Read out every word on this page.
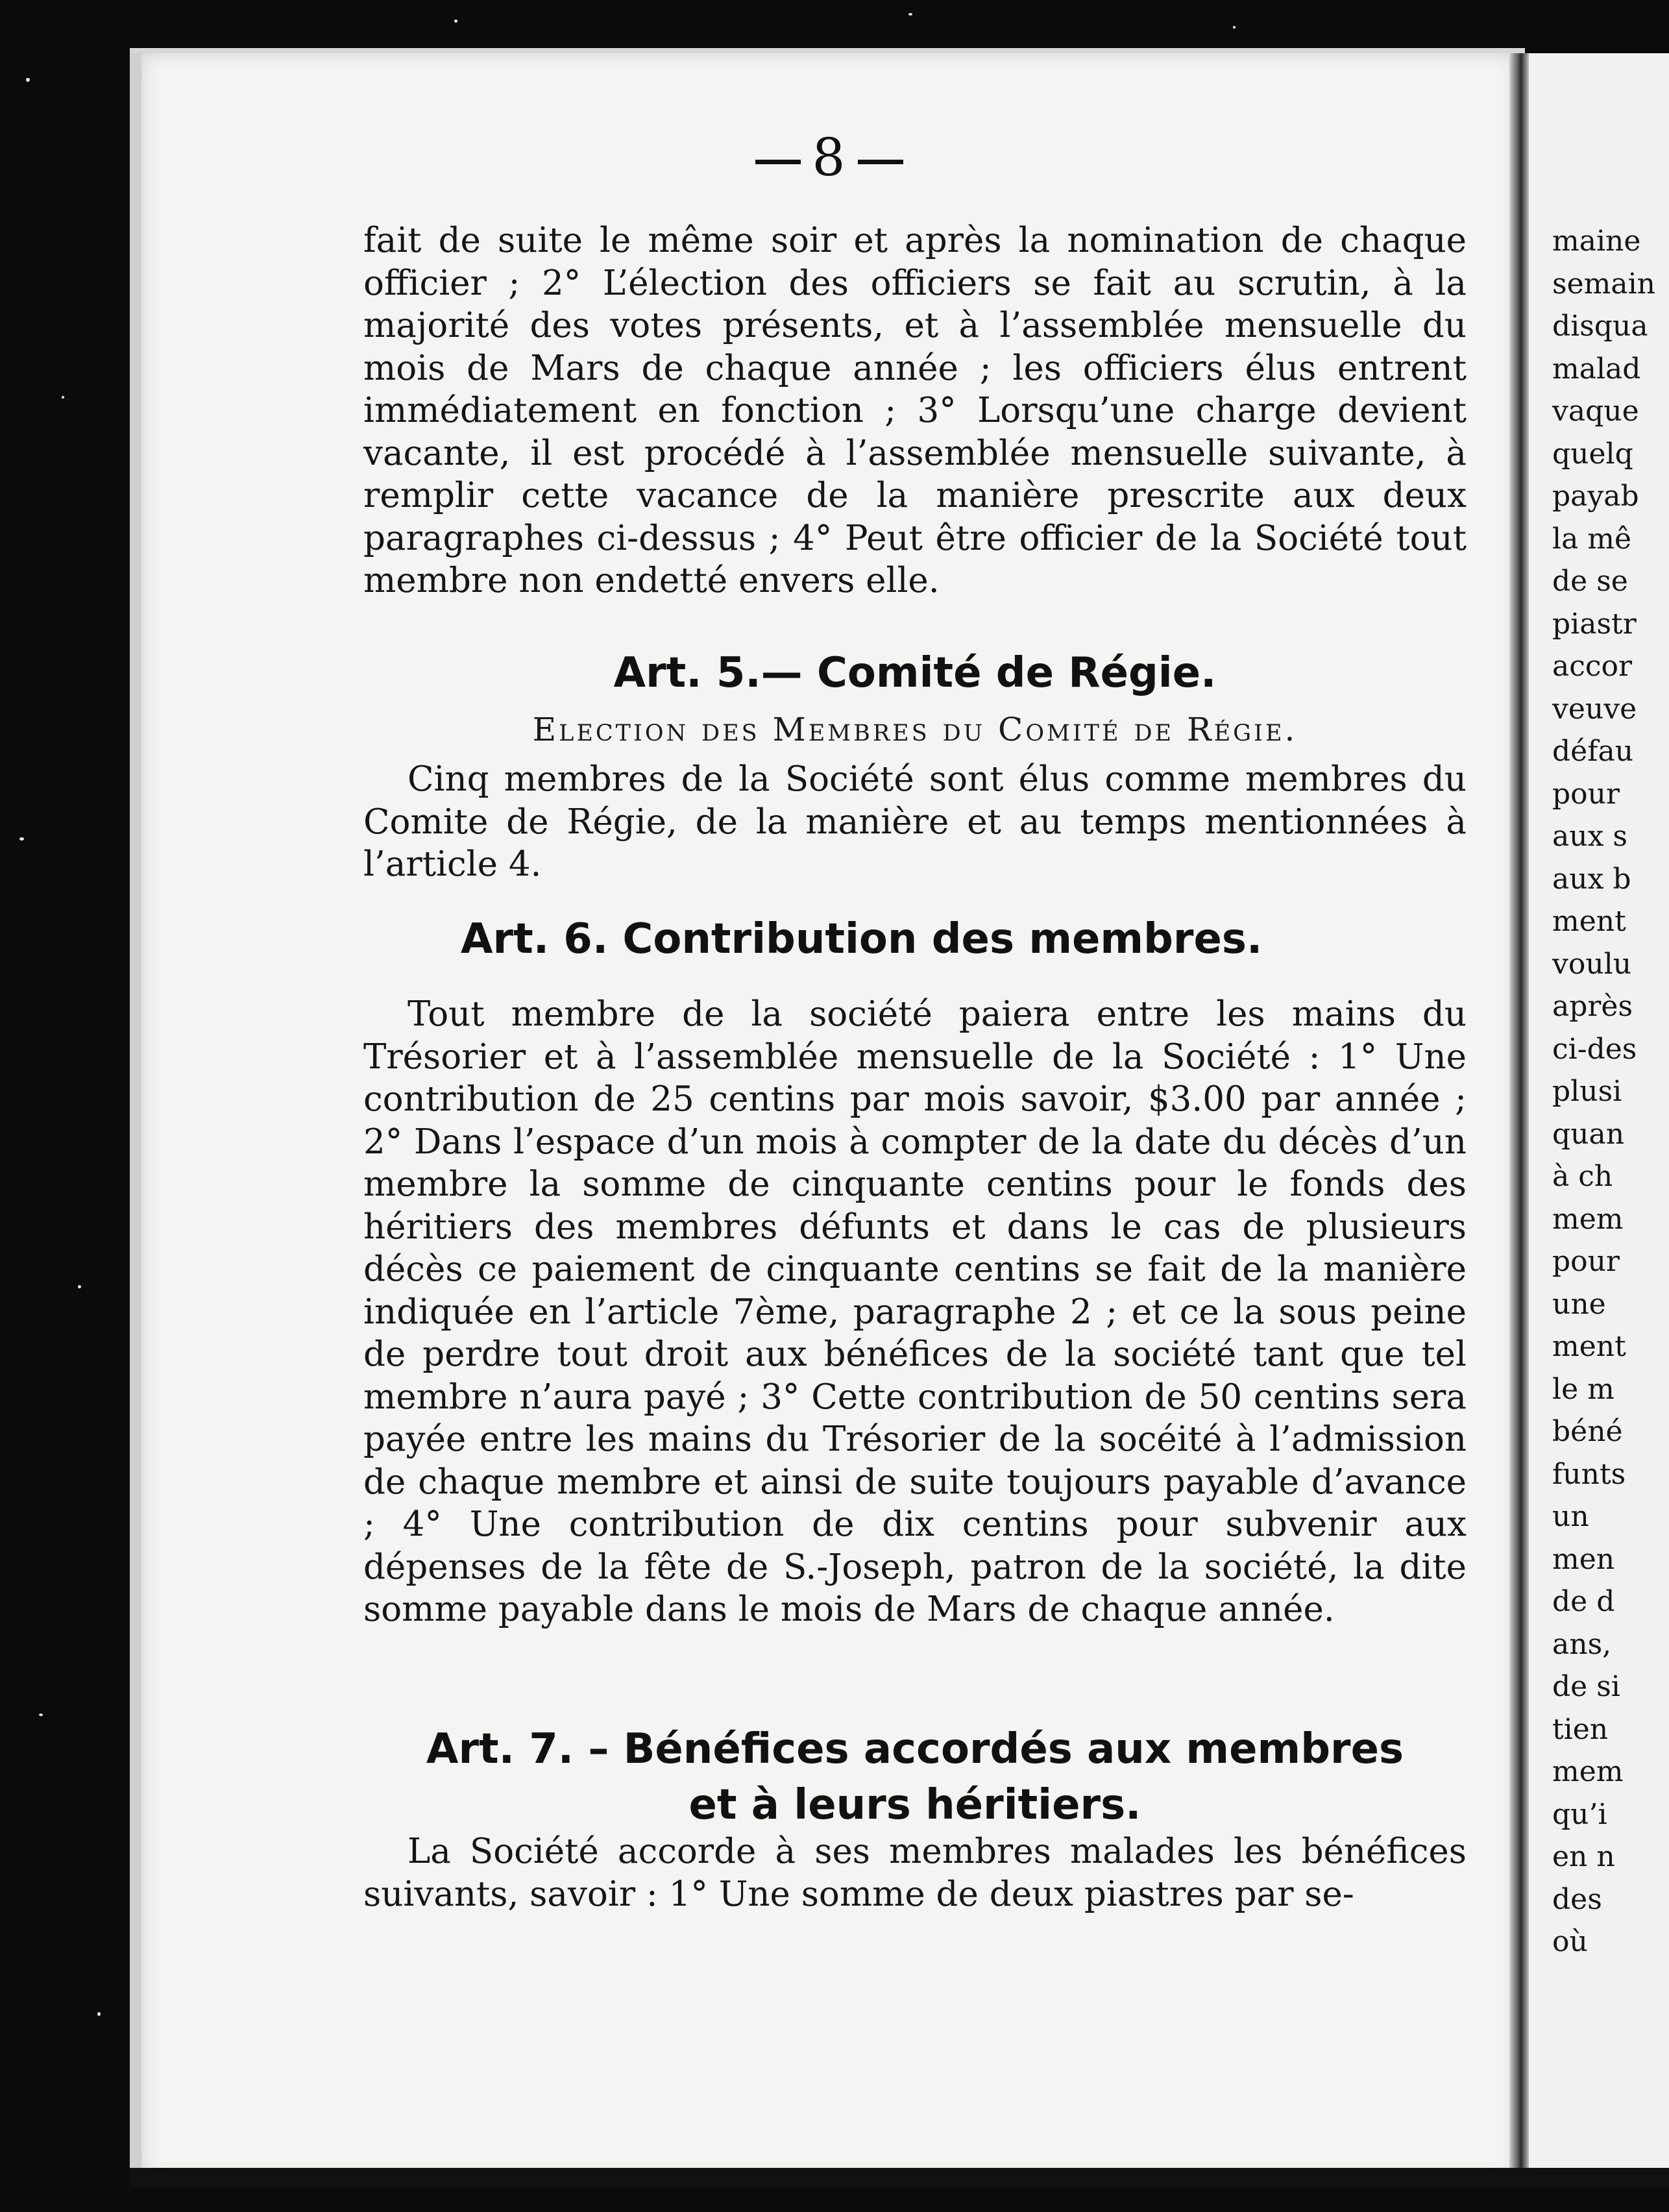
8
fait de suite le même soir et après la nomination de chaque officier ; 2° L’élection des officiers se fait au scrutin, à la majorité des votes présents, et à l’assemblée mensuelle du mois de Mars de chaque année ; les officiers élus entrent immédiatement en fonction ; 3° Lorsqu’une charge devient vacante, il est procédé à l’assemblée mensuelle suivante, à remplir cette vacance de la manière prescrite aux deux paragraphes ci-dessus ; 4° Peut être officier de la Société tout membre non endetté envers elle.
Art. 5.— Comité de Régie.
Election des Membres du Comité de Régie.
Cinq membres de la Société sont élus comme membres du Comite de Régie, de la manière et au temps mentionnées à l’article 4.
Art. 6. Contribution des membres.
Tout membre de la société paiera entre les mains du Trésorier et à l’assemblée mensuelle de la Société : 1° Une contribution de 25 centins par mois savoir, $3.00 par année ; 2° Dans l’espace d’un mois à compter de la date du décès d’un membre la somme de cinquante centins pour le fonds des héritiers des membres défunts et dans le cas de plusieurs décès ce paiement de cinquante centins se fait de la manière indiquée en l’article 7ème, paragraphe 2 ; et ce la sous peine de perdre tout droit aux bénéfices de la société tant que tel membre n’aura payé ; 3° Cette contribution de 50 centins sera payée entre les mains du Trésorier de la socéité à l’admission de chaque membre et ainsi de suite toujours payable d’avance ; 4° Une contribution de dix centins pour subvenir aux dépenses de la fête de S.-Joseph, patron de la société, la dite somme payable dans le mois de Mars de chaque année.
Art. 7. – Bénéfices accordés aux membres
et à leurs héritiers.
La Société accorde à ses membres malades les bénéfices suivants, savoir : 1° Une somme de deux piastres par se-
maine
semain
disqua
malad
vaque
quelq
payab
la mê
de se
piastr
accor
veuve
défau
pour
aux s
aux b
ment
voulu
après
ci-des
plusi
quan
à ch
mem
pour
une
ment
le m
béné
funts
un
men
de d
ans,
de si
tien
mem
qu’i
en n
des
où
